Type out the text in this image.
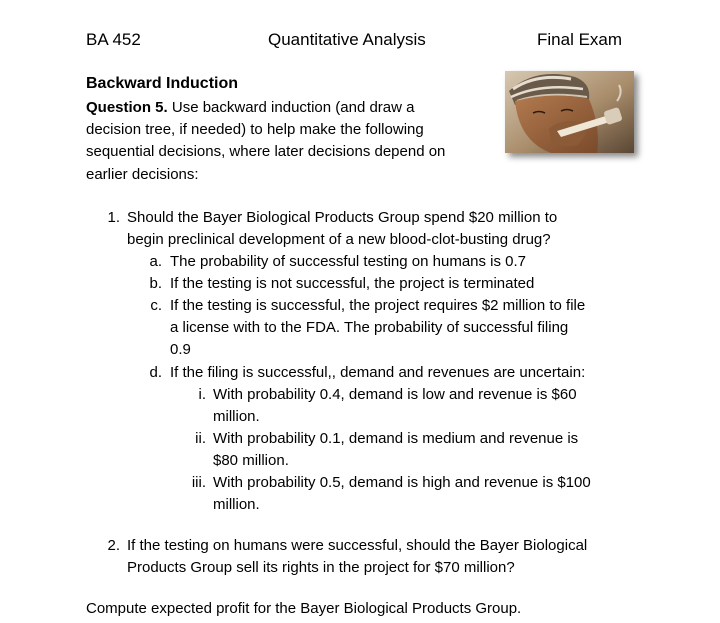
BA 452	Quantitative Analysis	Final Exam
Backward Induction
Question 5. Use backward induction (and draw a
decision tree, if needed) to help make the following
sequential decisions, where later decisions depend on
earlier decisions:
1. Should the Bayer Biological Products Group spend $20 million to
begin preclinical development of a new blood-clot-busting drug?
a. The probability of successful testing on humans is 0.7
b. If the testing is not successful, the project is terminated
c. If the testing is successful, the project requires $2 million to file
a license with to the FDA. The probability of successful filing
0.9
d. If the filing is successful,, demand and revenues are uncertain:
i. With probability 0.4, demand is low and revenue is $60
million.
ii. With probability 0.1, demand is medium and revenue is
$80 million.
iii. With probability 0.5, demand is high and revenue is $100
million.
2. If the testing on humans were successful, should the Bayer Biological
Products Group sell its rights in the project for $70 million?
Compute expected profit for the Bayer Biological Products Group.
